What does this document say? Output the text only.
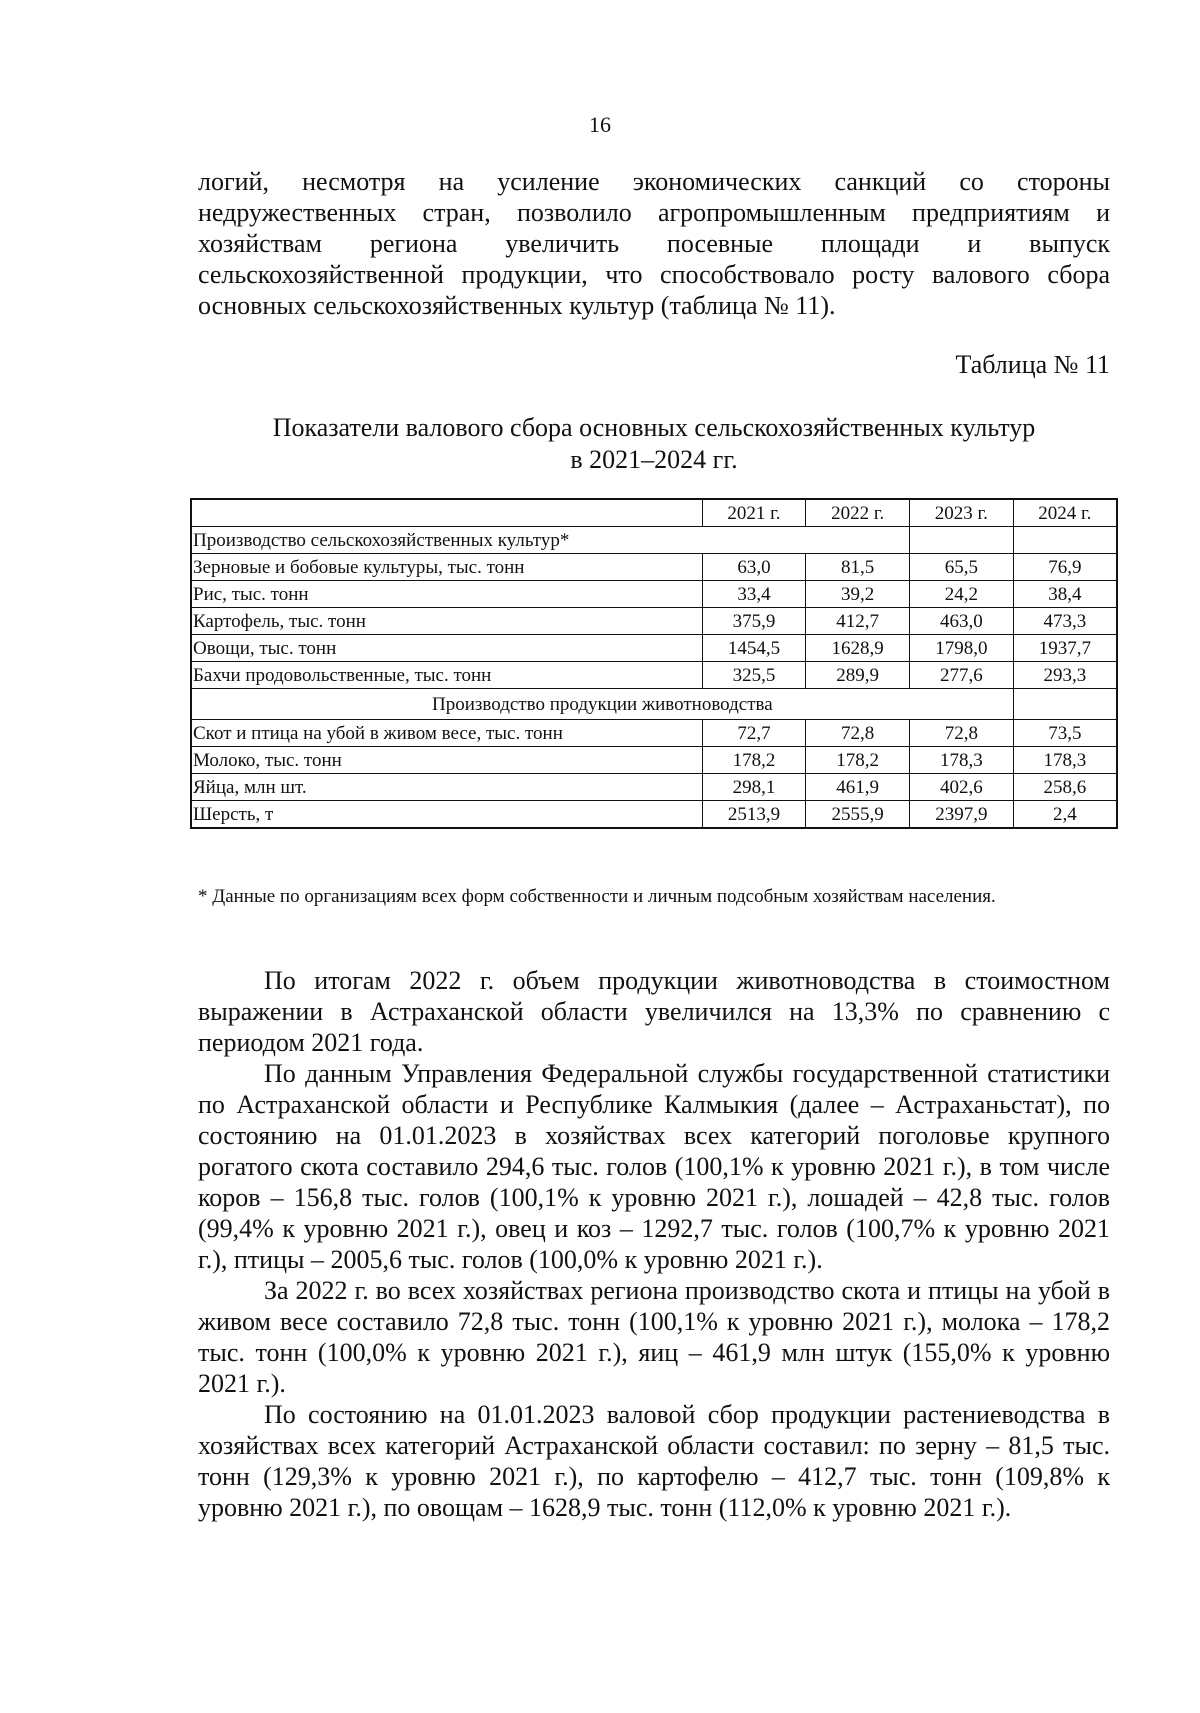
16
логий, несмотря на усиление экономических санкций со стороны недружественных стран, позволило агропромышленным предприятиям и хозяйствам региона увеличить посевные площади и выпуск сельскохозяйственной продукции, что способствовало росту валового сбора основных сельскохозяйственных культур (таблица № 11).
Таблица № 11
Показатели валового сбора основных сельскохозяйственных культур
в 2021–2024 гг.
	2021 г.	2022 г.	2023 г.	2024 г.
Производство сельскохозяйственных культур*				
Зерновые и бобовые культуры, тыс. тонн	63,0	81,5	65,5	76,9
Рис, тыс. тонн	33,4	39,2	24,2	38,4
Картофель, тыс. тонн	375,9	412,7	463,0	473,3
Овощи, тыс. тонн	1454,5	1628,9	1798,0	1937,7
Бахчи продовольственные, тыс. тонн	325,5	289,9	277,6	293,3
Производство продукции животноводства				
Скот и птица на убой в живом весе, тыс. тонн	72,7	72,8	72,8	73,5
Молоко, тыс. тонн	178,2	178,2	178,3	178,3
Яйца, млн шт.	298,1	461,9	402,6	258,6
Шерсть, т	2513,9	2555,9	2397,9	2,4
* Данные по организациям всех форм собственности и личным подсобным хозяйствам населения.

По итогам 2022 г. объем продукции животноводства в стоимостном выражении в Астраханской области увеличился на 13,3% по сравнению с периодом 2021 года.

По данным Управления Федеральной службы государственной статистики по Астраханской области и Республике Калмыкия (далее – Астраханьстат), по состоянию на 01.01.2023 в хозяйствах всех категорий поголовье крупного рогатого скота составило 294,6 тыс. голов (100,1% к уровню 2021 г.), в том числе коров – 156,8 тыс. голов (100,1% к уровню 2021 г.), лошадей – 42,8 тыс. голов (99,4% к уровню 2021 г.), овец и коз – 1292,7 тыс. голов (100,7% к уровню 2021 г.), птицы – 2005,6 тыс. голов (100,0% к уровню 2021 г.).

За 2022 г. во всех хозяйствах региона производство скота и птицы на убой в живом весе составило 72,8 тыс. тонн (100,1% к уровню 2021 г.), молока – 178,2 тыс. тонн (100,0% к уровню 2021 г.), яиц – 461,9 млн штук (155,0% к уровню 2021 г.).

По состоянию на 01.01.2023 валовой сбор продукции растениеводства в хозяйствах всех категорий Астраханской области составил: по зерну – 81,5 тыс. тонн (129,3% к уровню 2021 г.), по картофелю – 412,7 тыс. тонн (109,8% к уровню 2021 г.), по овощам – 1628,9 тыс. тонн (112,0% к уровню 2021 г.).
